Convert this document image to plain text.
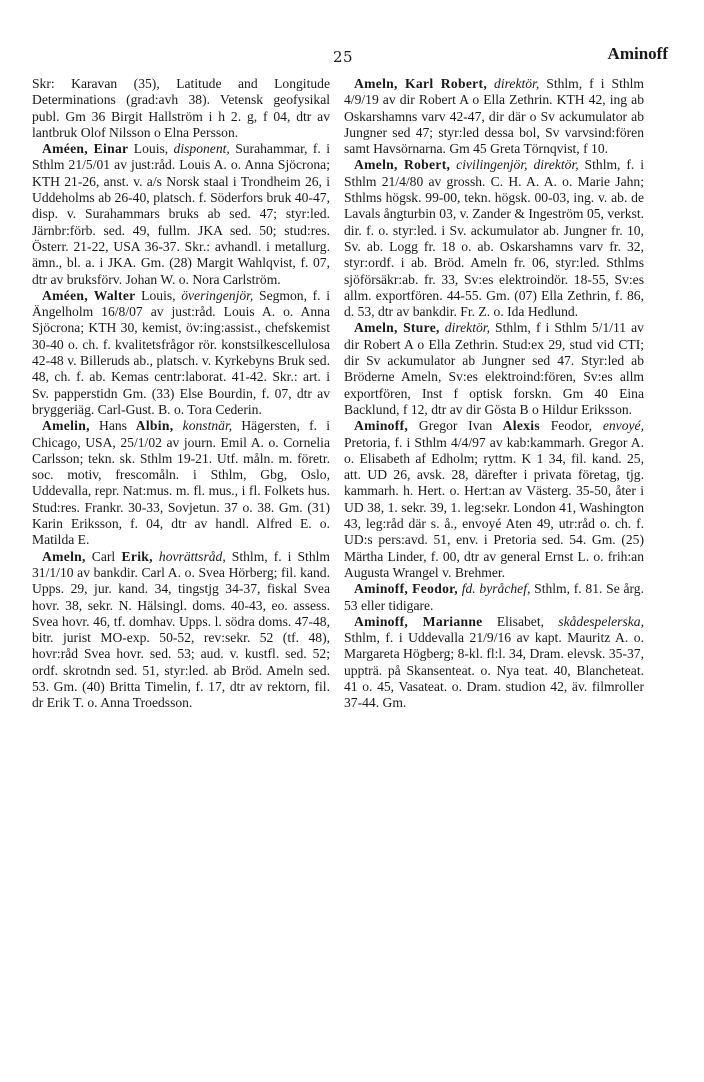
25	Aminoff

Skr: Karavan (35), Latitude and Longitude Determinations (grad:avh 38). Vetensk geofysikal publ. Gm 36 Birgit Hallström i h 2. g, f 04, dtr av lantbruk Olof Nilsson o Elna Persson.

Améen, Einar Louis, disponent, Surahammar, f. i Sthlm 21/5/01 av just:råd. Louis A. o. Anna Sjöcrona; KTH 21-26, anst. v. a/s Norsk staal i Trondheim 26, i Uddeholms ab 26-40, platsch. f. Söderfors bruk 40-47, disp. v. Surahammars bruks ab sed. 47; styr:led. Järnbr:förb. sed. 49, fullm. JKA sed. 50; stud:res. Österr. 21-22, USA 36-37. Skr.: avhandl. i metallurg. ämn., bl. a. i JKA. Gm. (28) Margit Wahlqvist, f. 07, dtr av bruksförv. Johan W. o. Nora Carlström.

Améen, Walter Louis, överingenjör, Segmon, f. i Ängelholm 16/8/07 av just:råd. Louis A. o. Anna Sjöcrona; KTH 30, kemist, öv:ing:assist., chefskemist 30-40 o. ch. f. kvalitetsfrågor rör. konstsilkescellulosa 42-48 v. Billeruds ab., platsch. v. Kyrkebyns Bruk sed. 48, ch. f. ab. Kemas centr:laborat. 41-42. Skr.: art. i Sv. papperstidn Gm. (33) Else Bourdin, f. 07, dtr av bryggeriäg. Carl-Gust. B. o. Tora Cederin.

Amelin, Hans Albin, konstnär, Hägersten, f. i Chicago, USA, 25/1/02 av journ. Emil A. o. Cornelia Carlsson; tekn. sk. Sthlm 19-21. Utf. måln. m. företr. soc. motiv, frescomåln. i Sthlm, Gbg, Oslo, Uddevalla, repr. Nat:mus. m. fl. mus., i fl. Folkets hus. Stud:res. Frankr. 30-33, Sovjetun. 37 o. 38. Gm. (31) Karin Eriksson, f. 04, dtr av handl. Alfred E. o. Matilda E.

Ameln, Carl Erik, hovrättsråd, Sthlm, f. i Sthlm 31/1/10 av bankdir. Carl A. o. Svea Hörberg; fil. kand. Upps. 29, jur. kand. 34, tingstjg 34-37, fiskal Svea hovr. 38, sekr. N. Hälsingl. doms. 40-43, eo. assess. Svea hovr. 46, tf. domhav. Upps. l. södra doms. 47-48, bitr. jurist MO-exp. 50-52, rev:sekr. 52 (tf. 48), hovr:råd Svea hovr. sed. 53; aud. v. kustfl. sed. 52; ordf. skrotndn sed. 51, styr:led. ab Bröd. Ameln sed. 53. Gm. (40) Britta Timelin, f. 17, dtr av rektorn, fil. dr Erik T. o. Anna Troedsson.

Ameln, Karl Robert, direktör, Sthlm, f i Sthlm 4/9/19 av dir Robert A o Ella Zethrin. KTH 42, ing ab Oskarshamns varv 42-47, dir där o Sv ackumulator ab Jungner sed 47; styr:led dessa bol, Sv varvsind:fören samt Havsörnarna. Gm 45 Greta Törnqvist, f 10.

Ameln, Robert, civilingenjör, direktör, Sthlm, f. i Sthlm 21/4/80 av grossh. C. H. A. A. o. Marie Jahn; Sthlms högsk. 99-00, tekn. högsk. 00-03, ing. v. ab. de Lavals ångturbin 03, v. Zander & Ingeström 05, verkst. dir. f. o. styr:led. i Sv. ackumulator ab. Jungner fr. 10, Sv. ab. Logg fr. 18 o. ab. Oskarshamns varv fr. 32, styr:ordf. i ab. Bröd. Ameln fr. 06, styr:led. Sthlms sjöförsäkr:ab. fr. 33, Sv:es elektroindör. 18-55, Sv:es allm. exportfören. 44-55. Gm. (07) Ella Zethrin, f. 86, d. 53, dtr av bankdir. Fr. Z. o. Ida Hedlund.

Ameln, Sture, direktör, Sthlm, f i Sthlm 5/1/11 av dir Robert A o Ella Zethrin. Stud:ex 29, stud vid CTI; dir Sv ackumulator ab Jungner sed 47. Styr:led ab Bröderne Ameln, Sv:es elektroind:fören, Sv:es allm exportfören, Inst f optisk forskn. Gm 40 Eina Backlund, f 12, dtr av dir Gösta B o Hildur Eriksson.

Aminoff, Gregor Ivan Alexis Feodor, envoyé, Pretoria, f. i Sthlm 4/4/97 av kab:kammarh. Gregor A. o. Elisabeth af Edholm; ryttm. K 1 34, fil. kand. 25, att. UD 26, avsk. 28, därefter i privata företag, tjg. kammarh. h. Hert. o. Hert:an av Västerg. 35-50, åter i UD 38, 1. sekr. 39, 1. leg:sekr. London 41, Washington 43, leg:råd där s. å., envoyé Aten 49, utr:råd o. ch. f. UD:s pers:avd. 51, env. i Pretoria sed. 54. Gm. (25) Märtha Linder, f. 00, dtr av general Ernst L. o. frih:an Augusta Wrangel v. Brehmer.

Aminoff, Feodor, fd. byråchef, Sthlm, f. 81. Se årg. 53 eller tidigare.

Aminoff, Marianne Elisabet, skådespelerska, Sthlm, f. i Uddevalla 21/9/16 av kapt. Mauritz A. o. Margareta Högberg; 8-kl. fl:l. 34, Dram. elevsk. 35-37, uppträ. på Skansenteat. o. Nya teat. 40, Blancheteat. 41 o. 45, Vasateat. o. Dram. studion 42, äv. filmroller 37-44. Gm.
